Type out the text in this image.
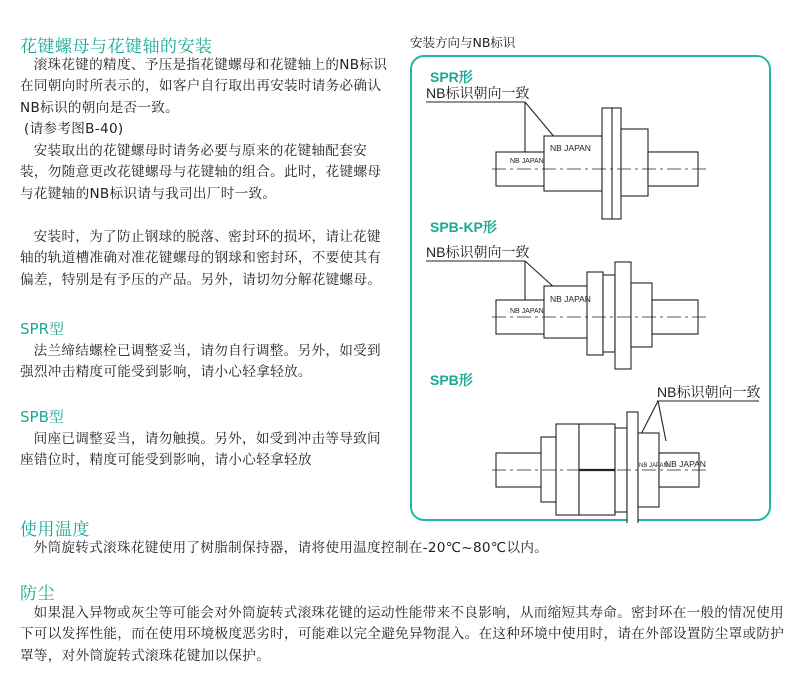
花键螺母与花键轴的安装

滚珠花键的精度、予压是指花键螺母和花键轴上的NB标识在同朝向时所表示的，如客户自行取出再安装时请务必确认NB标识的朝向是否一致。

(请参考图B-40)

安装取出的花键螺母时请务必要与原来的花键轴配套安装，勿随意更改花键螺母与花键轴的组合。此时，花键螺母与花键轴的NB标识请与我司出厂时一致。

安装时，为了防止钢球的脱落、密封环的损坏，请让花键轴的轨道槽准确对准花键螺母的钢球和密封环，不要使其有偏差，特别是有予压的产品。另外，请切勿分解花键螺母。

SPR型

法兰缔结螺栓已调整妥当，请勿自行调整。另外，如受到强烈冲击精度可能受到影响，请小心轻拿轻放。

SPB型

间座已调整妥当，请勿触摸。另外，如受到冲击等导致间座错位时，精度可能受到影响，请小心轻拿轻放

安装方向与NB标识

SPR形
SPB-KP形
SPB形
NB标识朝向一致
NB JAPAN
NB JAPAN
NB标识朝向一致
NB JAPAN
NB JAPAN
NB标识朝向一致
NB JAPAN
NB JAPAN
使用温度

外筒旋转式滚珠花键使用了树脂制保持器，请将使用温度控制在-20℃~80℃以内。

防尘

如果混入异物或灰尘等可能会对外筒旋转式滚珠花键的运动性能带来不良影响，从而缩短其寿命。密封环在一般的情况使用下可以发挥性能，而在使用环境极度恶劣时，可能难以完全避免异物混入。在这种环境中使用时，请在外部设置防尘罩或防护罩等，对外筒旋转式滚珠花键加以保护。
